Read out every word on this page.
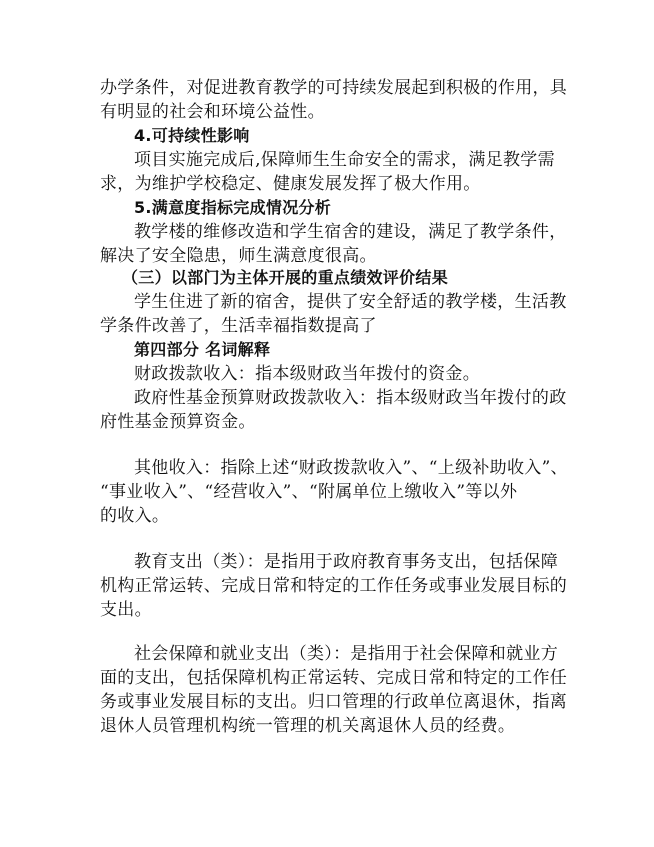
办学条件，对促进教育教学的可持续发展起到积极的作用，具
有明显的社会和环境公益性。
4.可持续性影响
项目实施完成后,保障师生生命安全的需求，满足教学需
求，为维护学校稳定、健康发展发挥了极大作用。
5.满意度指标完成情况分析
教学楼的维修改造和学生宿舍的建设，满足了教学条件，
解决了安全隐患，师生满意度很高。
（三）以部门为主体开展的重点绩效评价结果
学生住进了新的宿舍，提供了安全舒适的教学楼，生活教
学条件改善了，生活幸福指数提高了
第四部分 名词解释
财政拨款收入：指本级财政当年拨付的资金。
政府性基金预算财政拨款收入：指本级财政当年拨付的政
府性基金预算资金。
其他收入：指除上述“财政拨款收入”、“上级补助收入”、
“事业收入”、“经营收入”、“附属单位上缴收入”等以外
的收入。
教育支出（类）：是指用于政府教育事务支出，包括保障
机构正常运转、完成日常和特定的工作任务或事业发展目标的
支出。
社会保障和就业支出（类）：是指用于社会保障和就业方
面的支出，包括保障机构正常运转、完成日常和特定的工作任
务或事业发展目标的支出。归口管理的行政单位离退休，指离
退休人员管理机构统一管理的机关离退休人员的经费。
